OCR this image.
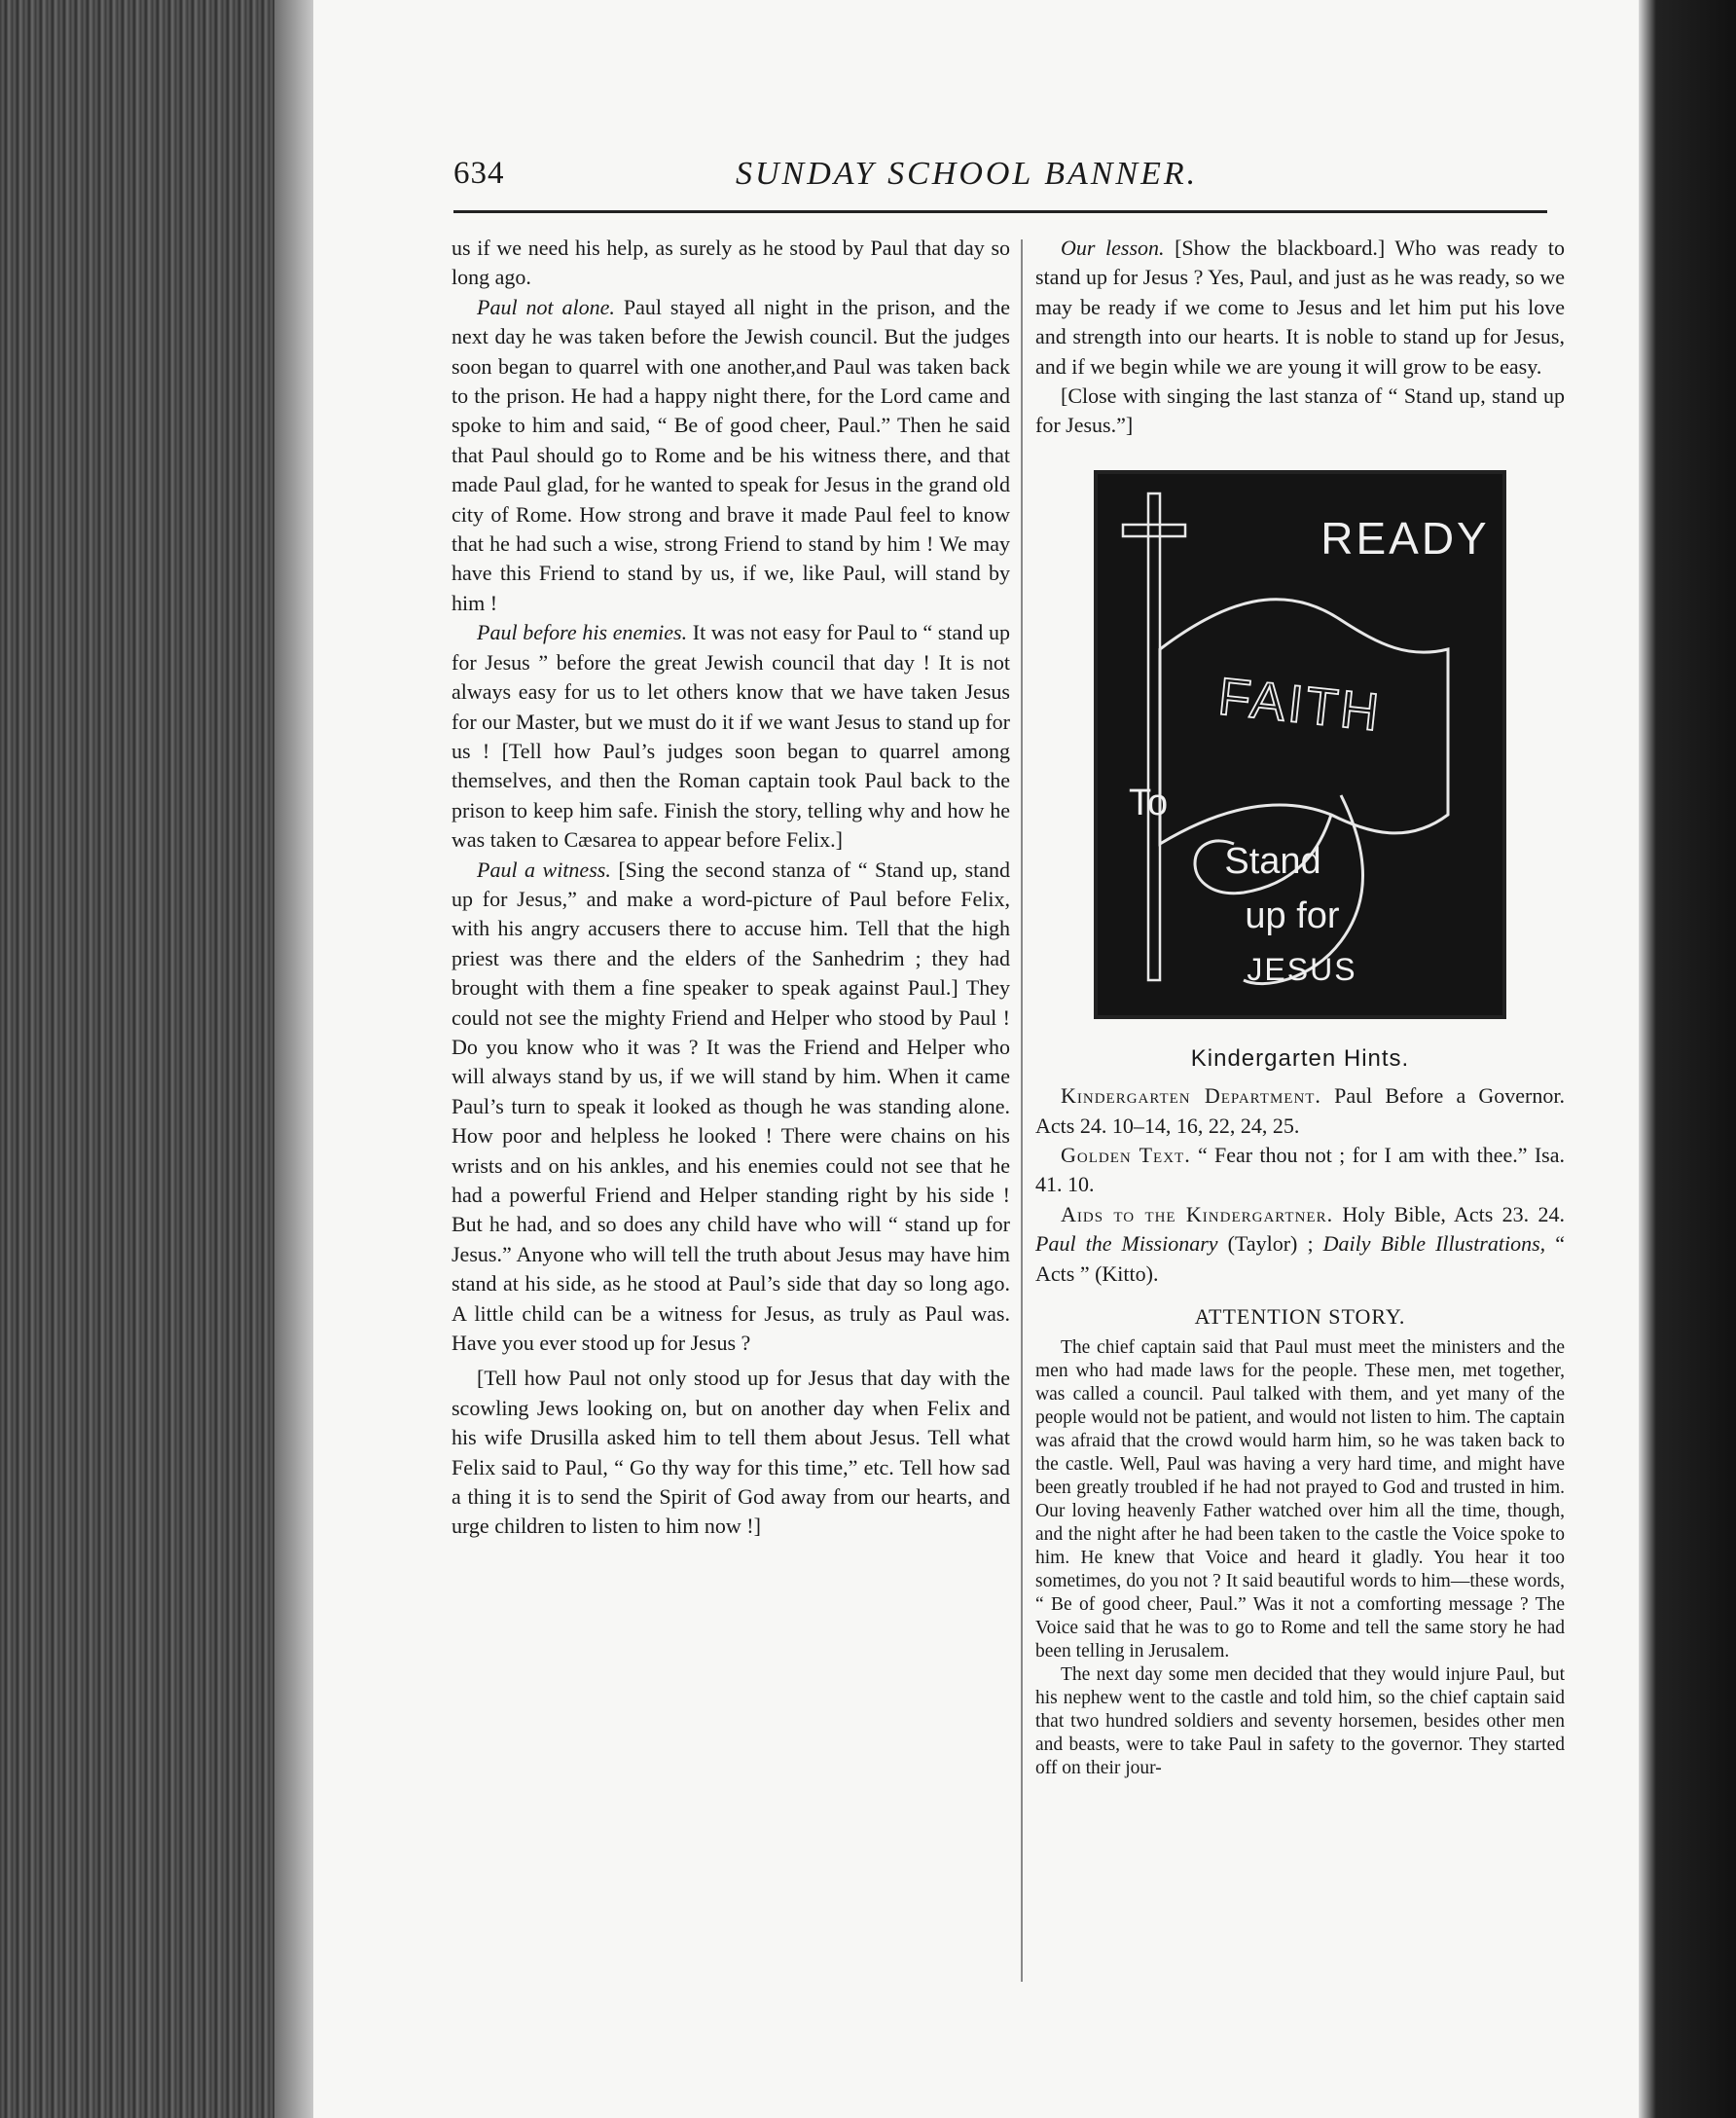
634	SUNDAY SCHOOL BANNER.

us if we need his help, as surely as he stood by Paul that day so long ago.

Paul not alone. Paul stayed all night in the prison, and the next day he was taken before the Jewish council. But the judges soon began to quarrel with one another,and Paul was taken back to the prison. He had a happy night there, for the Lord came and spoke to him and said, “ Be of good cheer, Paul.” Then he said that Paul should go to Rome and be his witness there, and that made Paul glad, for he wanted to speak for Jesus in the grand old city of Rome. How strong and brave it made Paul feel to know that he had such a wise, strong Friend to stand by him ! We may have this Friend to stand by us, if we, like Paul, will stand by him !

Paul before his enemies. It was not easy for Paul to “ stand up for Jesus ” before the great Jewish council that day ! It is not always easy for us to let others know that we have taken Jesus for our Master, but we must do it if we want Jesus to stand up for us ! [Tell how Paul’s judges soon began to quarrel among themselves, and then the Roman captain took Paul back to the prison to keep him safe. Finish the story, telling why and how he was taken to Cæsarea to appear before Felix.]

Paul a witness. [Sing the second stanza of “ Stand up, stand up for Jesus,” and make a word-picture of Paul before Felix, with his angry accusers there to accuse him. Tell that the high priest was there and the elders of the Sanhedrim ; they had brought with them a fine speaker to speak against Paul.] They could not see the mighty Friend and Helper who stood by Paul ! Do you know who it was ? It was the Friend and Helper who will always stand by us, if we will stand by him. When it came Paul’s turn to speak it looked as though he was standing alone. How poor and helpless he looked ! There were chains on his wrists and on his ankles, and his enemies could not see that he had a powerful Friend and Helper standing right by his side ! But he had, and so does any child have who will “ stand up for Jesus.” Anyone who will tell the truth about Jesus may have him stand at his side, as he stood at Paul’s side that day so long ago. A little child can be a witness for Jesus, as truly as Paul was. Have you ever stood up for Jesus ?

[Tell how Paul not only stood up for Jesus that day with the scowling Jews looking on, but on another day when Felix and his wife Drusilla asked him to tell them about Jesus. Tell what Felix said to Paul, “ Go thy way for this time,” etc. Tell how sad a thing it is to send the Spirit of God away from our hearts, and urge children to listen to him now !]

Our lesson. [Show the blackboard.] Who was ready to stand up for Jesus ? Yes, Paul, and just as he was ready, so we may be ready if we come to Jesus and let him put his love and strength into our hearts. It is noble to stand up for Jesus, and if we begin while we are young it will grow to be easy.

[Close with singing the last stanza of “ Stand up, stand up for Jesus.”]

READY
FAITH
To
Stand
up for
JESUS
Kindergarten Hints.

Kindergarten Department. Paul Before a Governor. Acts 24. 10–14, 16, 22, 24, 25.

Golden Text. “ Fear thou not ; for I am with thee.” Isa. 41. 10.

Aids to the Kindergartner. Holy Bible, Acts 23. 24. Paul the Missionary (Taylor) ; Daily Bible Illustrations, “ Acts ” (Kitto).

ATTENTION STORY.

The chief captain said that Paul must meet the ministers and the men who had made laws for the people. These men, met together, was called a council. Paul talked with them, and yet many of the people would not be patient, and would not listen to him. The captain was afraid that the crowd would harm him, so he was taken back to the castle. Well, Paul was having a very hard time, and might have been greatly troubled if he had not prayed to God and trusted in him. Our loving heavenly Father watched over him all the time, though, and the night after he had been taken to the castle the Voice spoke to him. He knew that Voice and heard it gladly. You hear it too sometimes, do you not ? It said beautiful words to him—these words, “ Be of good cheer, Paul.” Was it not a comforting message ? The Voice said that he was to go to Rome and tell the same story he had been telling in Jerusalem.

The next day some men decided that they would injure Paul, but his nephew went to the castle and told him, so the chief captain said that two hundred soldiers and seventy horsemen, besides other men and beasts, were to take Paul in safety to the governor. They started off on their jour-
